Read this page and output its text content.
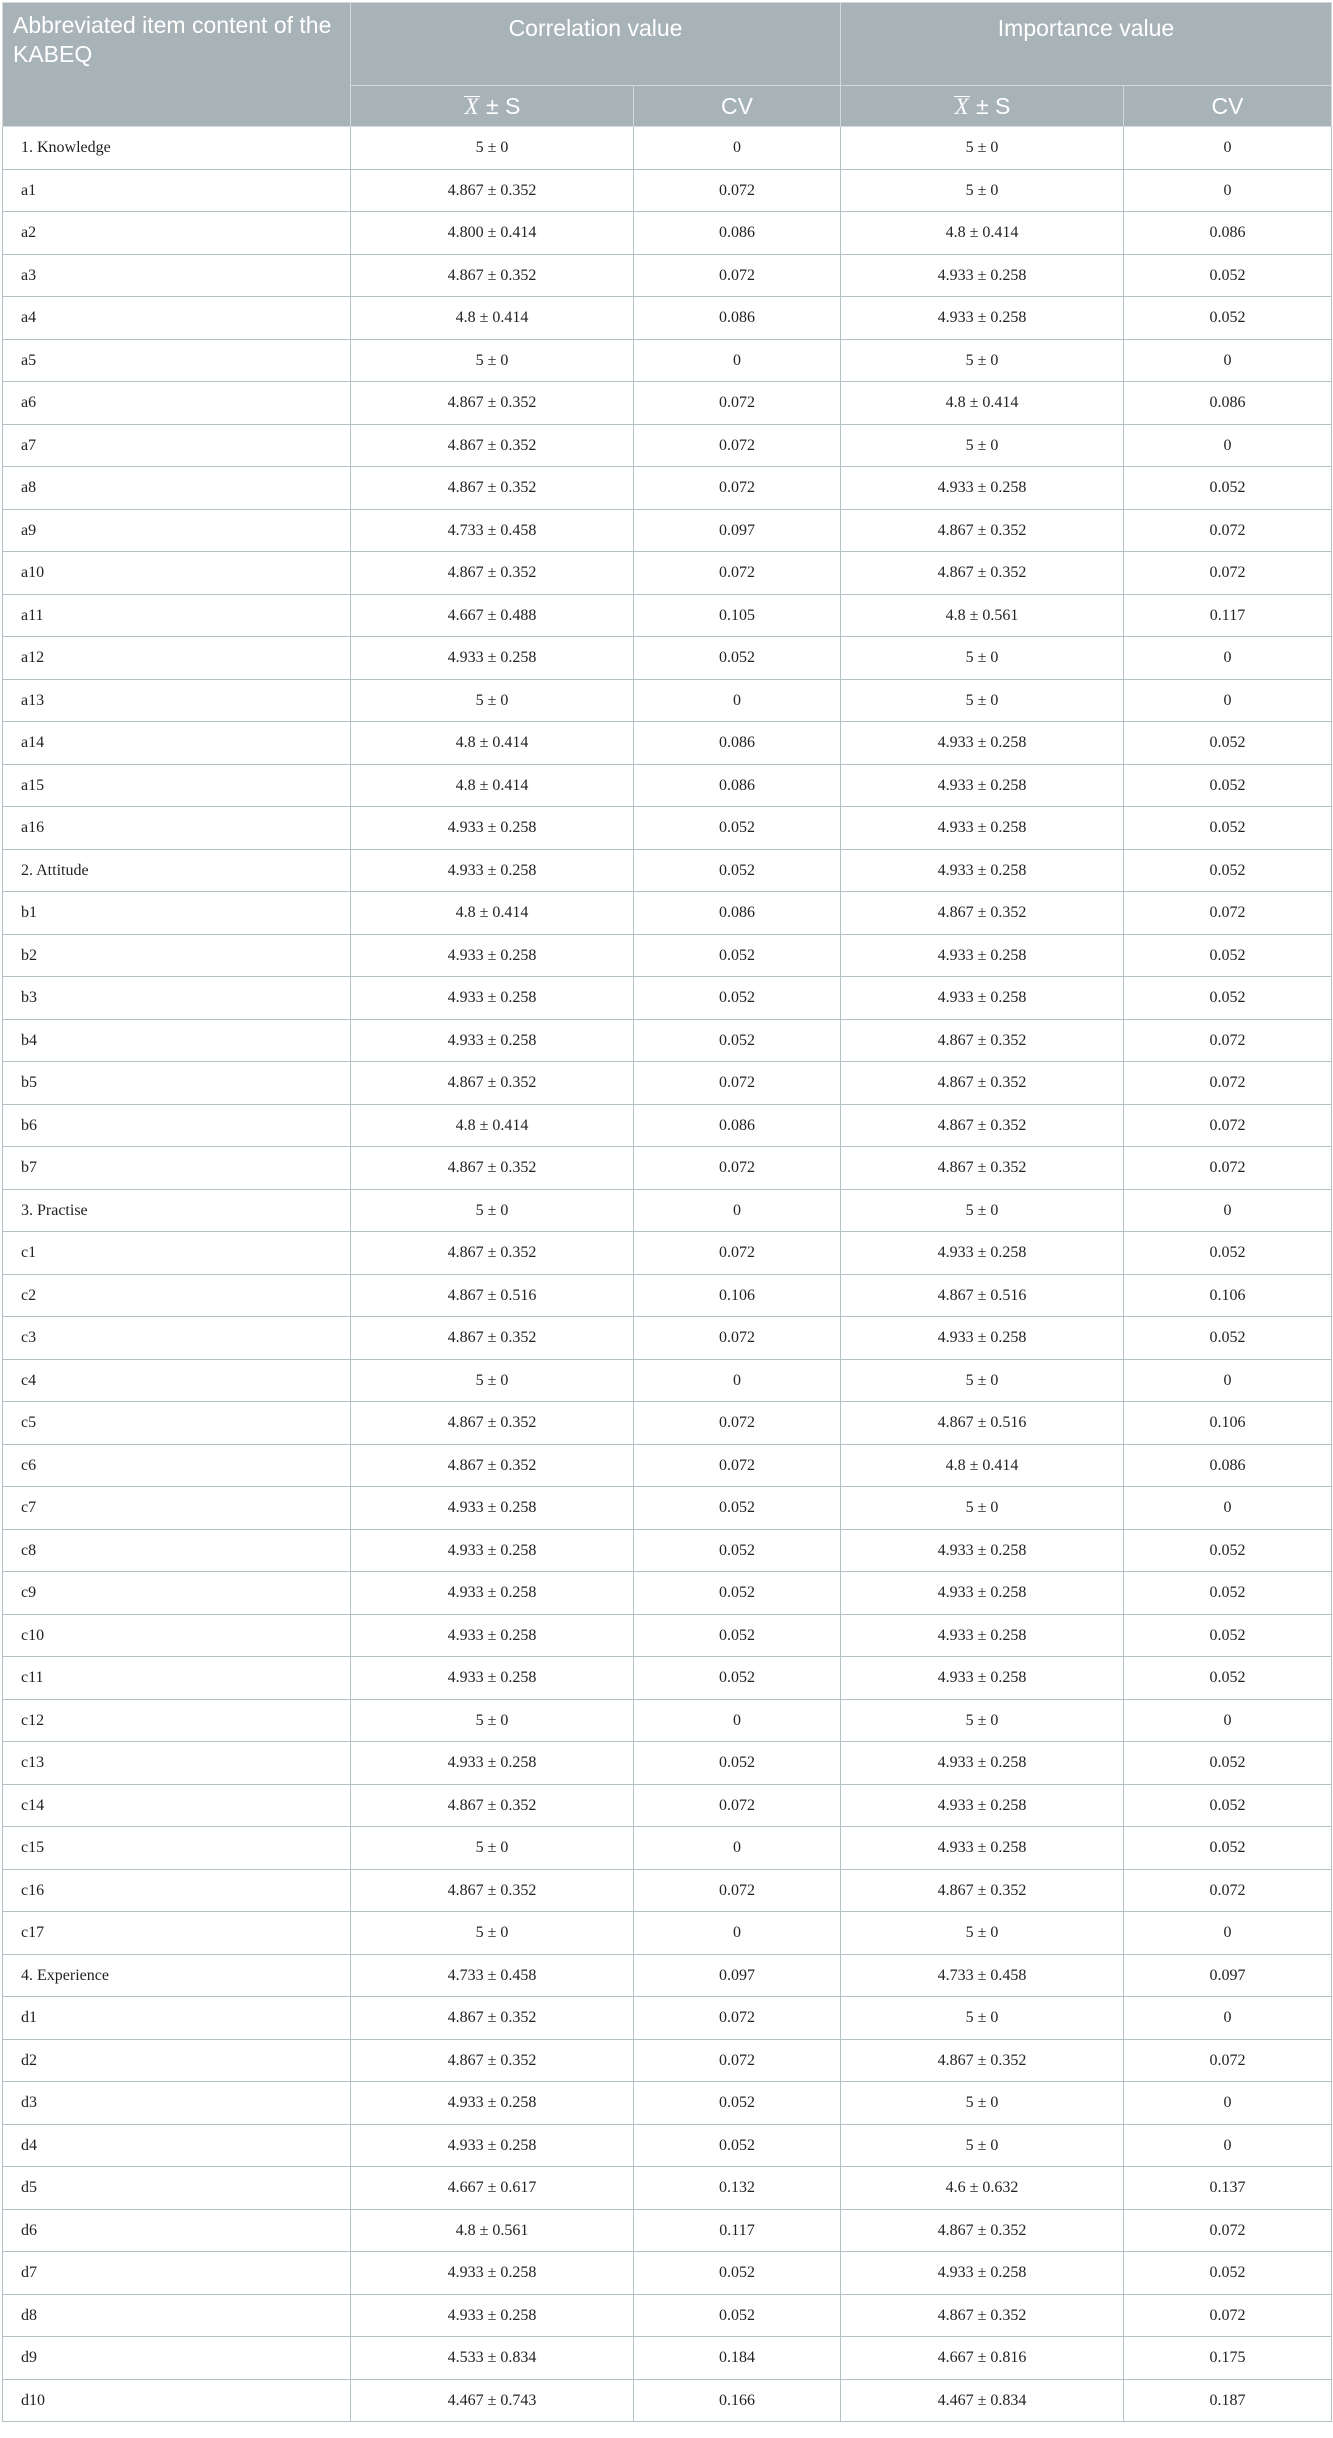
Abbreviated item content of the KABEQ	Correlation value		Importance value	
	X ± S	CV	X ± S	CV
1. Knowledge	5 ± 0	0	5 ± 0	0
a1	4.867 ± 0.352	0.072	5 ± 0	0
a2	4.800 ± 0.414	0.086	4.8 ± 0.414	0.086
a3	4.867 ± 0.352	0.072	4.933 ± 0.258	0.052
a4	4.8 ± 0.414	0.086	4.933 ± 0.258	0.052
a5	5 ± 0	0	5 ± 0	0
a6	4.867 ± 0.352	0.072	4.8 ± 0.414	0.086
a7	4.867 ± 0.352	0.072	5 ± 0	0
a8	4.867 ± 0.352	0.072	4.933 ± 0.258	0.052
a9	4.733 ± 0.458	0.097	4.867 ± 0.352	0.072
a10	4.867 ± 0.352	0.072	4.867 ± 0.352	0.072
a11	4.667 ± 0.488	0.105	4.8 ± 0.561	0.117
a12	4.933 ± 0.258	0.052	5 ± 0	0
a13	5 ± 0	0	5 ± 0	0
a14	4.8 ± 0.414	0.086	4.933 ± 0.258	0.052
a15	4.8 ± 0.414	0.086	4.933 ± 0.258	0.052
a16	4.933 ± 0.258	0.052	4.933 ± 0.258	0.052
2. Attitude	4.933 ± 0.258	0.052	4.933 ± 0.258	0.052
b1	4.8 ± 0.414	0.086	4.867 ± 0.352	0.072
b2	4.933 ± 0.258	0.052	4.933 ± 0.258	0.052
b3	4.933 ± 0.258	0.052	4.933 ± 0.258	0.052
b4	4.933 ± 0.258	0.052	4.867 ± 0.352	0.072
b5	4.867 ± 0.352	0.072	4.867 ± 0.352	0.072
b6	4.8 ± 0.414	0.086	4.867 ± 0.352	0.072
b7	4.867 ± 0.352	0.072	4.867 ± 0.352	0.072
3. Practise	5 ± 0	0	5 ± 0	0
c1	4.867 ± 0.352	0.072	4.933 ± 0.258	0.052
c2	4.867 ± 0.516	0.106	4.867 ± 0.516	0.106
c3	4.867 ± 0.352	0.072	4.933 ± 0.258	0.052
c4	5 ± 0	0	5 ± 0	0
c5	4.867 ± 0.352	0.072	4.867 ± 0.516	0.106
c6	4.867 ± 0.352	0.072	4.8 ± 0.414	0.086
c7	4.933 ± 0.258	0.052	5 ± 0	0
c8	4.933 ± 0.258	0.052	4.933 ± 0.258	0.052
c9	4.933 ± 0.258	0.052	4.933 ± 0.258	0.052
c10	4.933 ± 0.258	0.052	4.933 ± 0.258	0.052
c11	4.933 ± 0.258	0.052	4.933 ± 0.258	0.052
c12	5 ± 0	0	5 ± 0	0
c13	4.933 ± 0.258	0.052	4.933 ± 0.258	0.052
c14	4.867 ± 0.352	0.072	4.933 ± 0.258	0.052
c15	5 ± 0	0	4.933 ± 0.258	0.052
c16	4.867 ± 0.352	0.072	4.867 ± 0.352	0.072
c17	5 ± 0	0	5 ± 0	0
4. Experience	4.733 ± 0.458	0.097	4.733 ± 0.458	0.097
d1	4.867 ± 0.352	0.072	5 ± 0	0
d2	4.867 ± 0.352	0.072	4.867 ± 0.352	0.072
d3	4.933 ± 0.258	0.052	5 ± 0	0
d4	4.933 ± 0.258	0.052	5 ± 0	0
d5	4.667 ± 0.617	0.132	4.6 ± 0.632	0.137
d6	4.8 ± 0.561	0.117	4.867 ± 0.352	0.072
d7	4.933 ± 0.258	0.052	4.933 ± 0.258	0.052
d8	4.933 ± 0.258	0.052	4.867 ± 0.352	0.072
d9	4.533 ± 0.834	0.184	4.667 ± 0.816	0.175
d10	4.467 ± 0.743	0.166	4.467 ± 0.834	0.187
